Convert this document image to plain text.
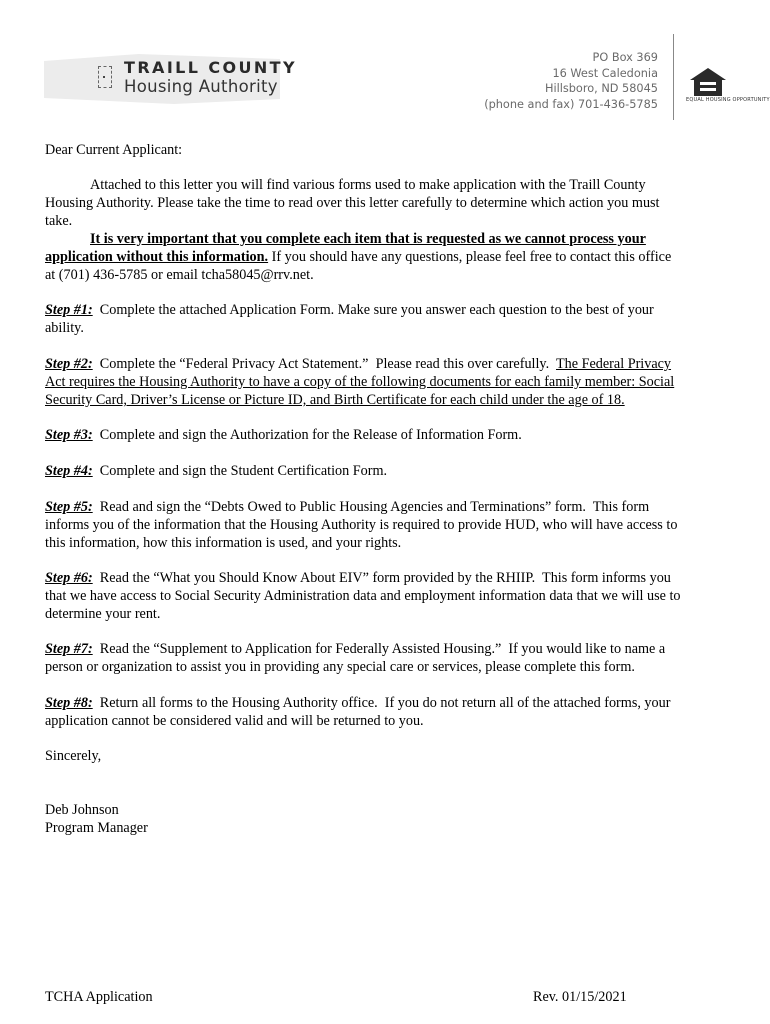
TRAILL COUNTY
Housing Authority
PO Box 369
16 West Caledonia
Hillsboro, ND 58045
(phone and fax) 701-436-5785	EQUAL HOUSING OPPORTUNITY
Dear Current Applicant:
Attached to this letter you will find various forms used to make application with the Traill County
Housing Authority. Please take the time to read over this letter carefully to determine which action you must
take.
It is very important that you complete each item that is requested as we cannot process your
application without this information. If you should have any questions, please feel free to contact this office
at (701) 436-5785 or email tcha58045@rrv.net.
Step #1:  Complete the attached Application Form. Make sure you answer each question to the best of your
ability.
Step #2:  Complete the “Federal Privacy Act Statement.”  Please read this over carefully.  The Federal Privacy
Act requires the Housing Authority to have a copy of the following documents for each family member: Social
Security Card, Driver’s License or Picture ID, and Birth Certificate for each child under the age of 18.
Step #3:  Complete and sign the Authorization for the Release of Information Form.
Step #4:  Complete and sign the Student Certification Form.
Step #5:  Read and sign the “Debts Owed to Public Housing Agencies and Terminations” form.  This form
informs you of the information that the Housing Authority is required to provide HUD, who will have access to
this information, how this information is used, and your rights.
Step #6:  Read the “What you Should Know About EIV” form provided by the RHIIP.  This form informs you
that we have access to Social Security Administration data and employment information data that we will use to
determine your rent.
Step #7:  Read the “Supplement to Application for Federally Assisted Housing.”  If you would like to name a
person or organization to assist you in providing any special care or services, please complete this form.
Step #8:  Return all forms to the Housing Authority office.  If you do not return all of the attached forms, your
application cannot be considered valid and will be returned to you.
Sincerely,
Deb Johnson
Program Manager
TCHA Application	Rev. 01/15/2021
